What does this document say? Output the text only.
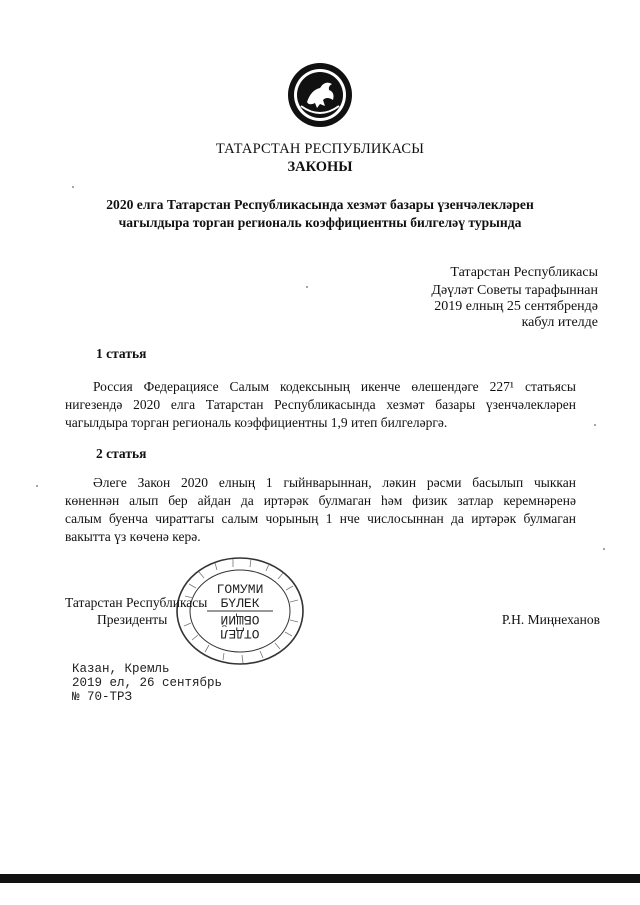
ТАТАРСТАН РЕСПУБЛИКАСЫ
ЗАКОНЫ
2020 елга Татарстан Республикасында хезмәт базары үзенчәлекләрен
чагылдыра торган региональ коэффициентны билгеләү турында
Татарстан Республикасы
Дәүләт Советы тарафыннан
2019 елның 25 сентябрендә
кабул ителде
1 статья
Россия Федерациясе Салым кодексының икенче өлешендәге 227¹ статьясы
нигезендә 2020 елга Татарстан Республикасында хезмәт базары үзенчәлекләрен
чагылдыра торган региональ коэффициентны 1,9 итеп билгеләргә.
2 статья
Әлеге Закон 2020 елның 1 гыйнварыннан, ләкин рәсми басылып чыккан
көненнән алып бер айдан да иртәрәк булмаган һәм физик затлар керемнәренә
салым буенча чираттагы салым чорының 1 нче числосыннан да иртәрәк булмаган
вакытта үз көченә керә.
ГОМУМИ
БҮЛЕК
ОТДЕЛ
ОБЩИЙ
Татарстан Республикасы
Президенты	Р.Н. Миңнеханов
Казан, Кремль
2019 ел, 26 сентябрь
№ 70-ТРЗ
